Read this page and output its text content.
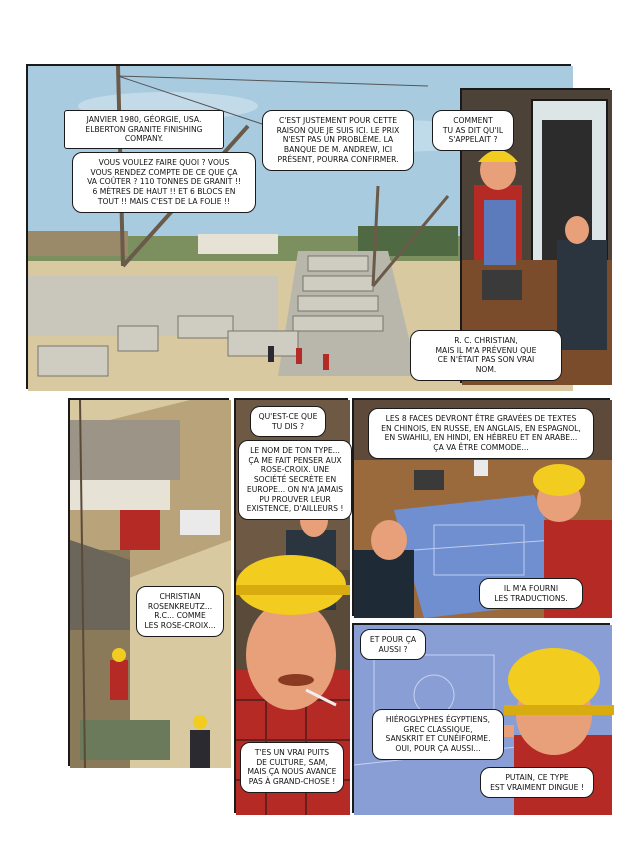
JANVIER 1980, GÉORGIE, USA.
ELBERTON GRANITE FINISHING
COMPANY.
VOUS VOULEZ FAIRE QUOI ? VOUS
VOUS RENDEZ COMPTE DE CE QUE ÇA
VA COÛTER ? 110 TONNES DE GRANIT !!
6 MÈTRES DE HAUT !! ET 6 BLOCS EN
TOUT !! MAIS C'EST DE LA FOLIE !!
C'EST JUSTEMENT POUR CETTE
RAISON QUE JE SUIS ICI. LE PRIX
N'EST PAS UN PROBLÈME. LA
BANQUE DE M. ANDREW, ICI
PRÉSENT, POURRA CONFIRMER.
COMMENT
TU AS DIT QU'IL
S'APPELAIT ?
R. C. CHRISTIAN,
MAIS IL M'A PRÉVENU QUE
CE N'ÉTAIT PAS SON VRAI
NOM.
CHRISTIAN
ROSENKREUTZ...
R.C... COMME
LES ROSE-CROIX...
QU'EST-CE QUE
TU DIS ?
LE NOM DE TON TYPE...
ÇA ME FAIT PENSER AUX
ROSE-CROIX. UNE
SOCIÉTÉ SECRÈTE EN
EUROPE... ON N'A JAMAIS
PU PROUVER LEUR
EXISTENCE, D'AILLEURS !
T'ES UN VRAI PUITS
DE CULTURE, SAM,
MAIS ÇA NOUS AVANCE
PAS À GRAND-CHOSE !
LES 8 FACES DEVRONT ÊTRE GRAVÉES DE TEXTES
EN CHINOIS, EN RUSSE, EN ANGLAIS, EN ESPAGNOL,
EN SWAHILI, EN HINDI, EN HÉBREU ET EN ARABE...
ÇA VA ÊTRE COMMODE...
IL M'A FOURNI
LES TRADUCTIONS.
ET POUR ÇA
AUSSI ?
HIÉROGLYPHES ÉGYPTIENS,
GREC CLASSIQUE,
SANSKRIT ET CUNÉIFORME.
OUI, POUR ÇA AUSSI...
PUTAIN, CE TYPE
EST VRAIMENT DINGUE !
